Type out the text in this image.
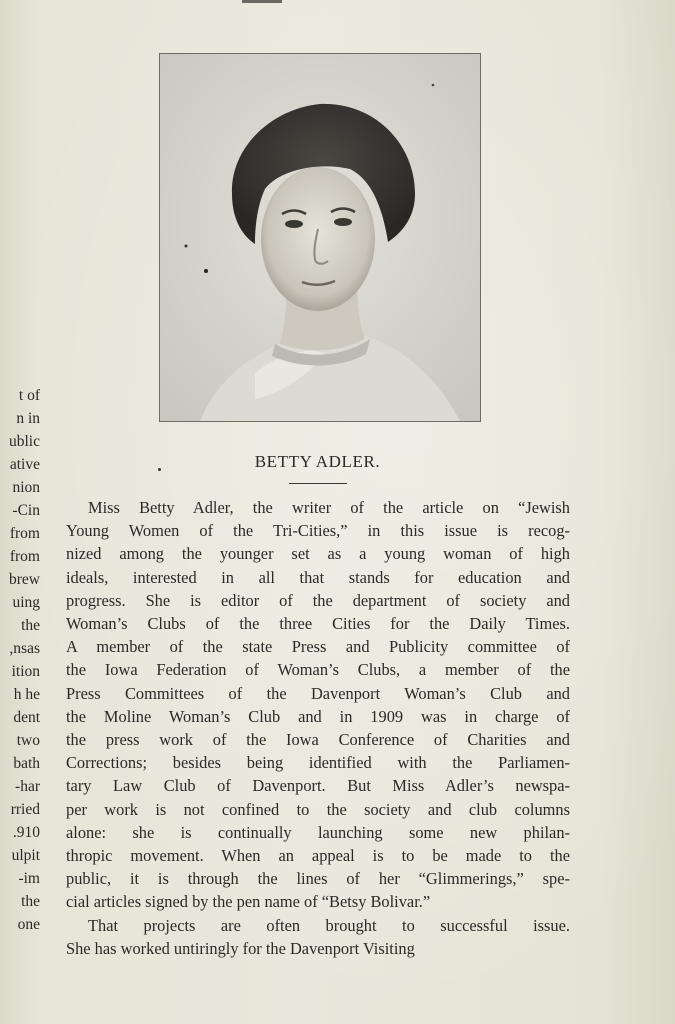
BETTY ADLER.
t of
n in
ublic
ative
nion
Cin-
from
from
brew
uing
the
nsas,
ition
h he
dent
two
bath
har-
rried
910.
ulpit
im-
the
one
Miss Betty Adler, the writer of the article on “Jewish
Young Women of the Tri-Cities,” in this issue is recog-
nized among the younger set as a young woman of high
ideals, interested in all that stands for education and
progress. She is editor of the department of society and
Woman’s Clubs of the three Cities for the Daily Times.
A member of the state Press and Publicity committee of
the Iowa Federation of Woman’s Clubs, a member of the
Press Committees of the Davenport Woman’s Club and
the Moline Woman’s Club and in 1909 was in charge of
the press work of the Iowa Conference of Charities and
Corrections; besides being identified with the Parliamen-
tary Law Club of Davenport. But Miss Adler’s newspa-
per work is not confined to the society and club columns
alone: she is continually launching some new philan-
thropic movement. When an appeal is to be made to the
public, it is through the lines of her “Glimmerings,” spe-
cial articles signed by the pen name of “Betsy Bolivar.”
That projects are often brought to successful issue.
She has worked untiringly for the Davenport Visiting
